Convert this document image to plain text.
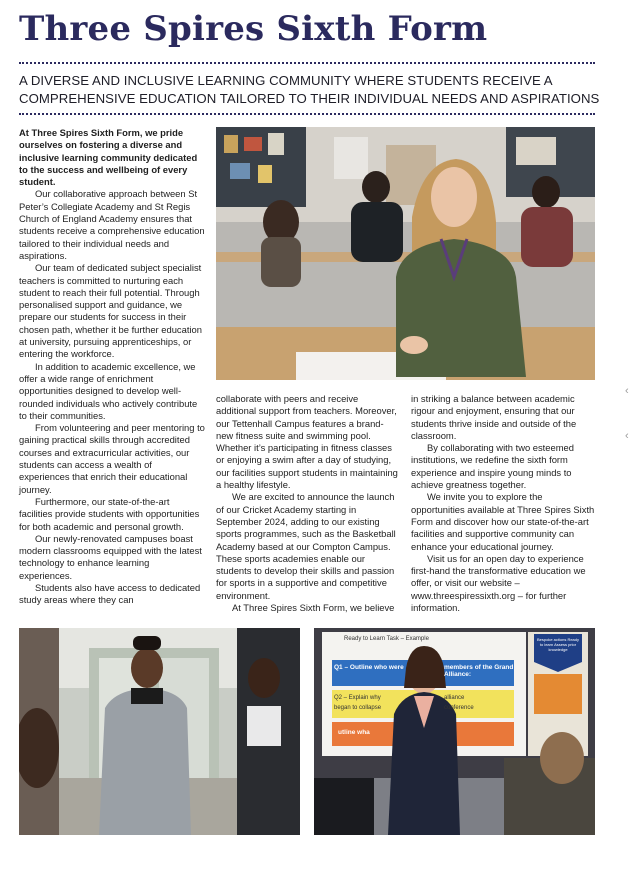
Three Spires Sixth Form
A DIVERSE AND INCLUSIVE LEARNING COMMUNITY WHERE STUDENTS RECEIVE A COMPREHENSIVE EDUCATION TAILORED TO THEIR INDIVIDUAL NEEDS AND ASPIRATIONS

At Three Spires Sixth Form, we pride ourselves on fostering a diverse and inclusive learning community dedicated to the success and wellbeing of every student.

Our collaborative approach between St Peter’s Collegiate Academy and St Regis Church of England Academy ensures that students receive a comprehensive education tailored to their individual needs and aspirations.

Our team of dedicated subject specialist teachers is committed to nurturing each student to reach their full potential. Through personalised support and guidance, we prepare our students for success in their chosen path, whether it be further education at university, pursuing apprenticeships, or entering the workforce.

In addition to academic excellence, we offer a wide range of enrichment opportunities designed to develop well-rounded individuals who actively contribute to their communities.

From volunteering and peer mentoring to gaining practical skills through accredited courses and extracurricular activities, our students can access a wealth of experiences that enrich their educational journey.

Furthermore, our state-of-the-art facilities provide students with opportunities for both academic and personal growth.

Our newly-renovated campuses boast modern classrooms equipped with the latest technology to enhance learning experiences.

Students also have access to dedicated study areas where they can

collaborate with peers and receive additional support from teachers. Moreover, our Tettenhall Campus features a brand-new fitness suite and swimming pool. Whether it’s participating in fitness classes or enjoying a swim after a day of studying, our facilities support students in maintaining a healthy lifestyle.

We are excited to announce the launch of our Cricket Academy starting in September 2024, adding to our existing sports programmes, such as the Basketball Academy based at our Compton Campus. These sports academies enable our students to develop their skills and passion for sports in a supportive and competitive environment.

At Three Spires Sixth Form, we believe

in striking a balance between academic rigour and enjoyment, ensuring that our students thrive inside and outside of the classroom.

By collaborating with two esteemed institutions, we redefine the sixth form experience and inspire young minds to achieve greatness together.

We invite you to explore the opportunities available at Three Spires Sixth Form and discover how our state-of-the-art facilities and supportive community can enhance your educational journey.

Visit us for an open day to experience first-hand the transformative education we offer, or visit our website – www.threespiressixth.org – for further information.

Ready to Learn Task – Example
Q1 – Outline who were	members of the Grand Alliance:
Q2 – Explain why	alliance
began to collapse	conference
utline wha
Bespoke actions Ready to learn Assess prior knowledge
‹
‹
